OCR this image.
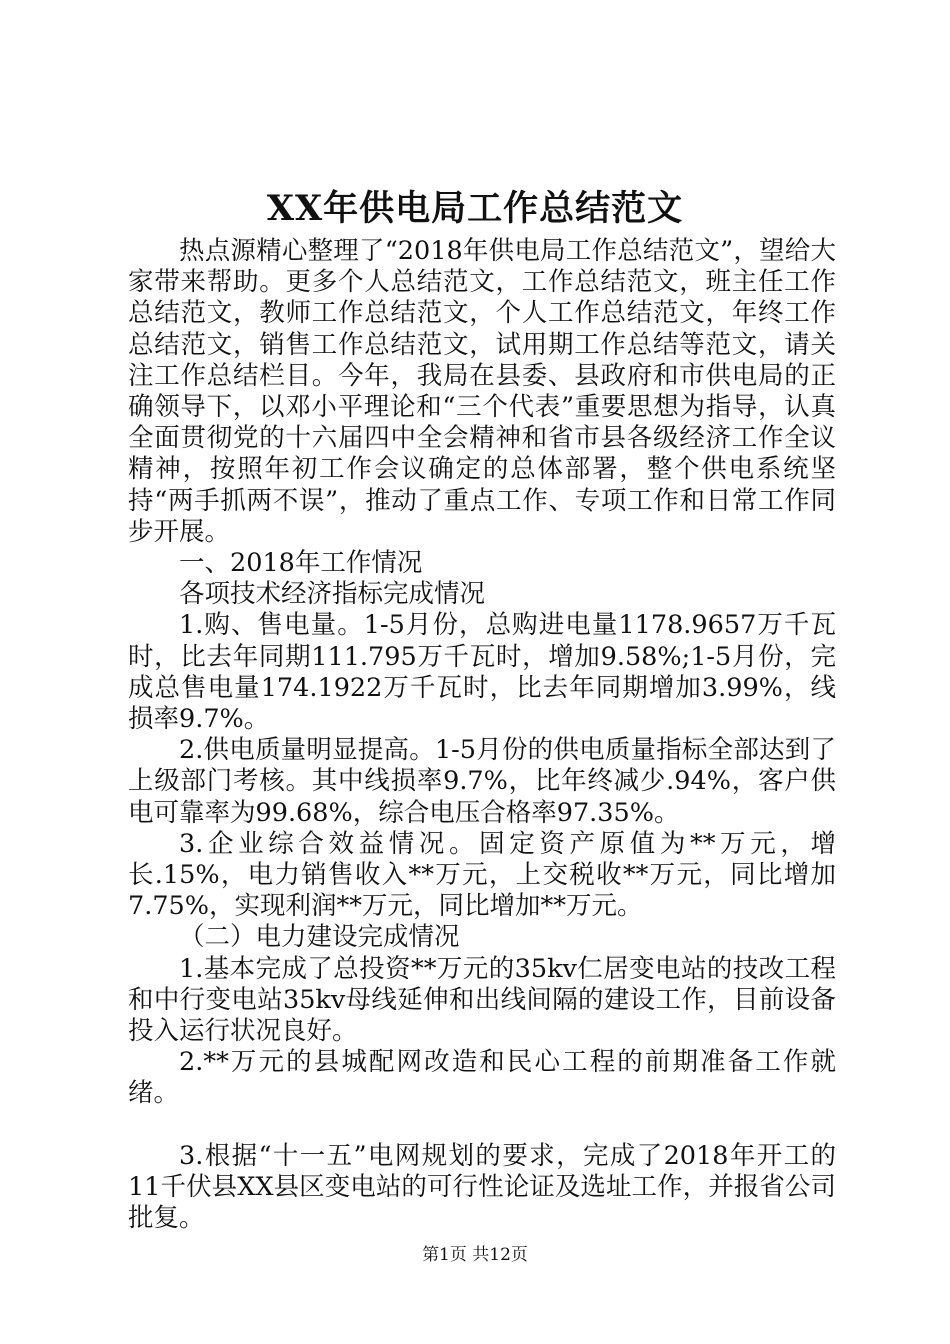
XX年供电局工作总结范文

热点源精心整理了“2018年供电局工作总结范文”，望给大家带来帮助。更多个人总结范文，工作总结范文，班主任工作总结范文，教师工作总结范文，个人工作总结范文，年终工作总结范文，销售工作总结范文，试用期工作总结等范文，请关注工作总结栏目。今年，我局在县委、县政府和市供电局的正确领导下，以邓小平理论和“三个代表”重要思想为指导，认真全面贯彻党的十六届四中全会精神和省市县各级经济工作全议精神，按照年初工作会议确定的总体部署，整个供电系统坚持“两手抓两不误”，推动了重点工作、专项工作和日常工作同步开展。

一、2018年工作情况

各项技术经济指标完成情况

1.购、售电量。1-5月份，总购进电量1178.9657万千瓦时，比去年同期111.795万千瓦时，增加9.58%;1-5月份，完成总售电量174.1922万千瓦时，比去年同期增加3.99%，线损率9.7%。

2.供电质量明显提高。1-5月份的供电质量指标全部达到了上级部门考核。其中线损率9.7%，比年终减少.94%，客户供电可靠率为99.68%，综合电压合格率97.35%。

3.企业综合效益情况。固定资产原值为**万元，增长.15%，电力销售收入**万元，上交税收**万元，同比增加7.75%，实现利润**万元，同比增加**万元。

（二）电力建设完成情况

1.基本完成了总投资**万元的35kv仁居变电站的技改工程和中行变电站35kv母线延伸和出线间隔的建设工作，目前设备投入运行状况良好。

2.**万元的县城配网改造和民心工程的前期准备工作就绪。

3.根据“十一五”电网规划的要求，完成了2018年开工的11千伏县XX县区变电站的可行性论证及选址工作，并报省公司批复。

第1页 共12页
